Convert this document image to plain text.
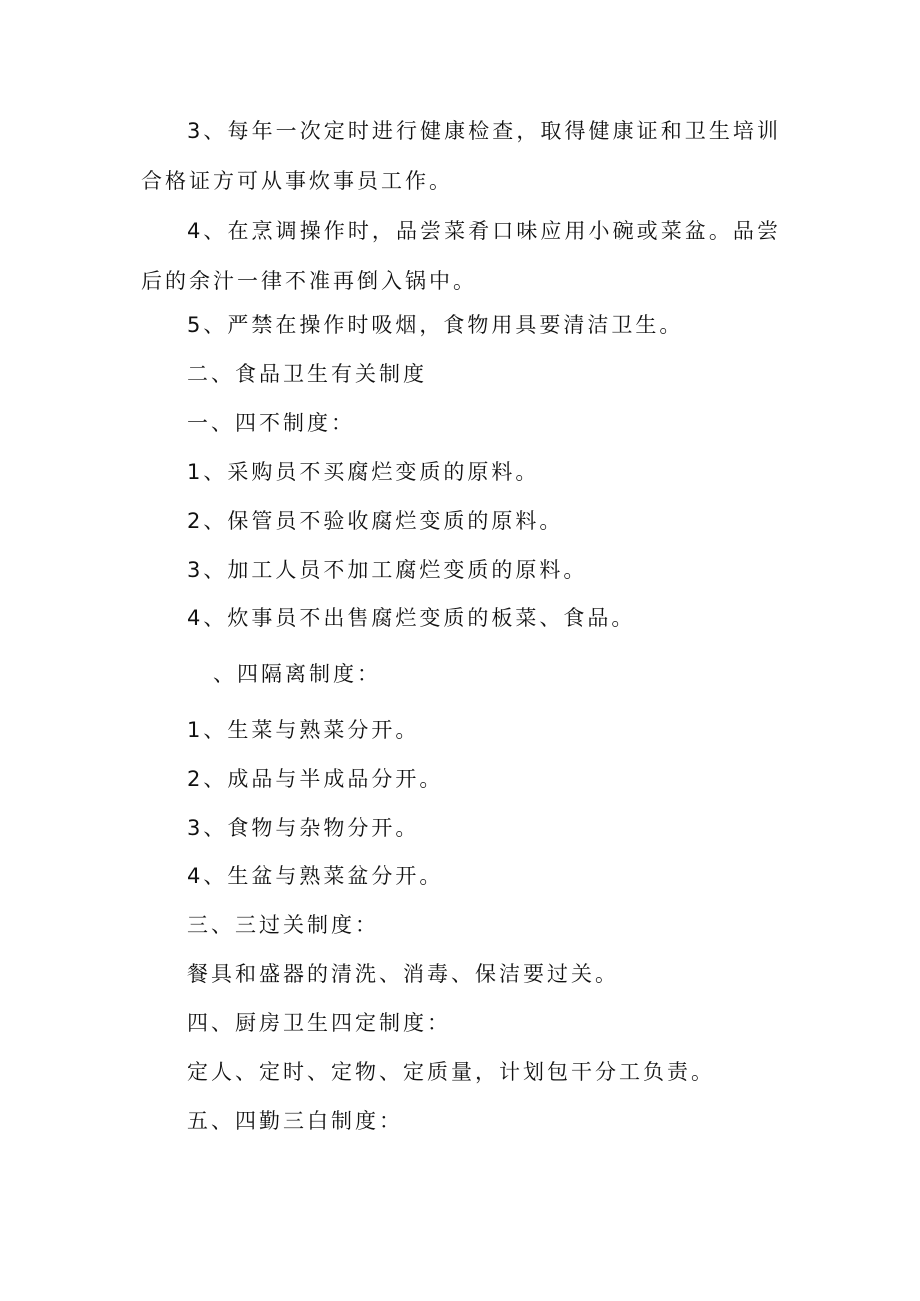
3、每年一次定时进行健康检查，取得健康证和卫生培训合格证方可从事炊事员工作。

4、在烹调操作时，品尝菜肴口味应用小碗或菜盆。品尝后的余汁一律不准再倒入锅中。

5、严禁在操作时吸烟，食物用具要清洁卫生。
二、食品卫生有关制度
一、四不制度：
1、采购员不买腐烂变质的原料。
2、保管员不验收腐烂变质的原料。
3、加工人员不加工腐烂变质的原料。
4、炊事员不出售腐烂变质的板菜、食品。
、四隔离制度：
1、生菜与熟菜分开。
2、成品与半成品分开。
3、食物与杂物分开。
4、生盆与熟菜盆分开。
三、三过关制度：
餐具和盛器的清洗、消毒、保洁要过关。
四、厨房卫生四定制度：
定人、定时、定物、定质量，计划包干分工负责。
五、四勤三白制度：
